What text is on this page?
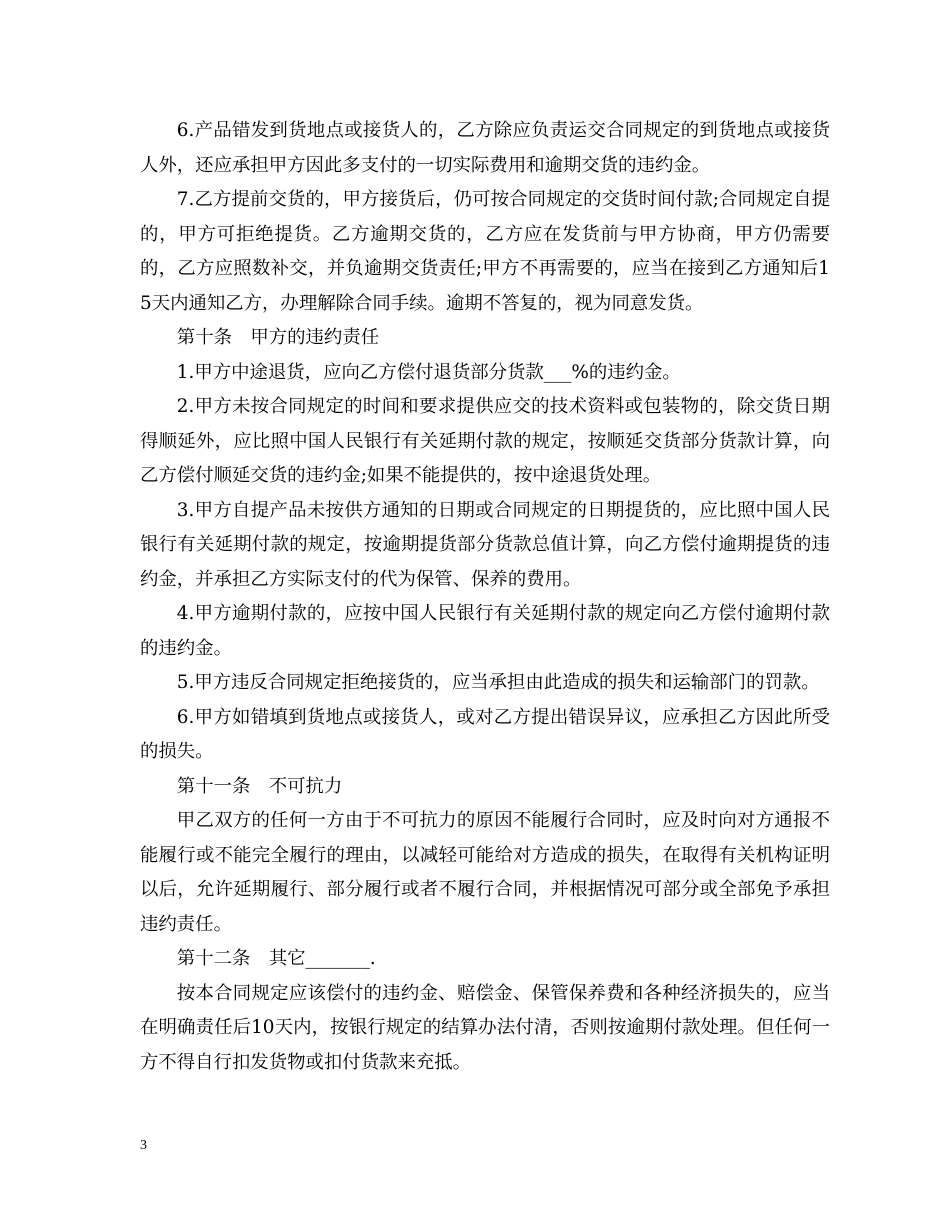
6.产品错发到货地点或接货人的，乙方除应负责运交合同规定的到货地点或接货人外，还应承担甲方因此多支付的一切实际费用和逾期交货的违约金。

7.乙方提前交货的，甲方接货后，仍可按合同规定的交货时间付款;合同规定自提的，甲方可拒绝提货。乙方逾期交货的，乙方应在发货前与甲方协商，甲方仍需要的，乙方应照数补交，并负逾期交货责任;甲方不再需要的，应当在接到乙方通知后15天内通知乙方，办理解除合同手续。逾期不答复的，视为同意发货。

第十条　甲方的违约责任

1.甲方中途退货，应向乙方偿付退货部分货款___%的违约金。

2.甲方未按合同规定的时间和要求提供应交的技术资料或包装物的，除交货日期得顺延外，应比照中国人民银行有关延期付款的规定，按顺延交货部分货款计算，向乙方偿付顺延交货的违约金;如果不能提供的，按中途退货处理。

3.甲方自提产品未按供方通知的日期或合同规定的日期提货的，应比照中国人民银行有关延期付款的规定，按逾期提货部分货款总值计算，向乙方偿付逾期提货的违约金，并承担乙方实际支付的代为保管、保养的费用。

4.甲方逾期付款的，应按中国人民银行有关延期付款的规定向乙方偿付逾期付款的违约金。

5.甲方违反合同规定拒绝接货的，应当承担由此造成的损失和运输部门的罚款。

6.甲方如错填到货地点或接货人，或对乙方提出错误异议，应承担乙方因此所受的损失。

第十一条　不可抗力

甲乙双方的任何一方由于不可抗力的原因不能履行合同时，应及时向对方通报不能履行或不能完全履行的理由，以减轻可能给对方造成的损失，在取得有关机构证明以后，允许延期履行、部分履行或者不履行合同，并根据情况可部分或全部免予承担违约责任。

第十二条　其它_______.

按本合同规定应该偿付的违约金、赔偿金、保管保养费和各种经济损失的，应当在明确责任后10天内，按银行规定的结算办法付清，否则按逾期付款处理。但任何一方不得自行扣发货物或扣付货款来充抵。

3
